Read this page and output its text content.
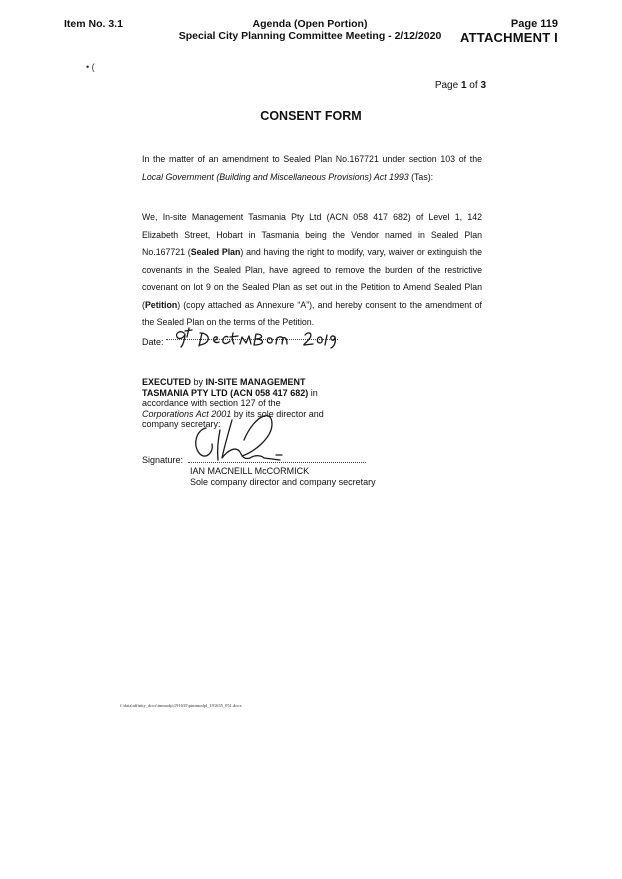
Item No. 3.1	Agenda (Open Portion)
Special City Planning Committee Meeting - 2/12/2020
Page 119
ATTACHMENT I
• (
Page 1 of 3
CONSENT FORM
In the matter of an amendment to Sealed Plan No.167721 under section 103 of the Local Government (Building and Miscellaneous Provisions) Act 1993 (Tas):
We, In-site Management Tasmania Pty Ltd (ACN 058 417 682) of Level 1, 142 Elizabeth Street, Hobart in Tasmania being the Vendor named in Sealed Plan No.167721 (Sealed Plan) and having the right to modify, vary, waiver or extinguish the covenants in the Sealed Plan, have agreed to remove the burden of the restrictive covenant on lot 9 on the Sealed Plan as set out in the Petition to Amend Sealed Plan (Petition) (copy attached as Annexure “A”), and hereby consent to the amendment of the Sealed Plan on the terms of the Petition.
Date:
EXECUTED by IN-SITE MANAGEMENT
TASMANIA PTY LTD (ACN 058 417 682) in
accordance with section 127 of the
Corporations Act 2001 by its sole director and
company secretary:
Signature:
IAN MACNEILL McCORMICK
Sole company director and company secretary
f:\data\affinity_docs\immodp\191635\pimmodpl_191635_051.docx
